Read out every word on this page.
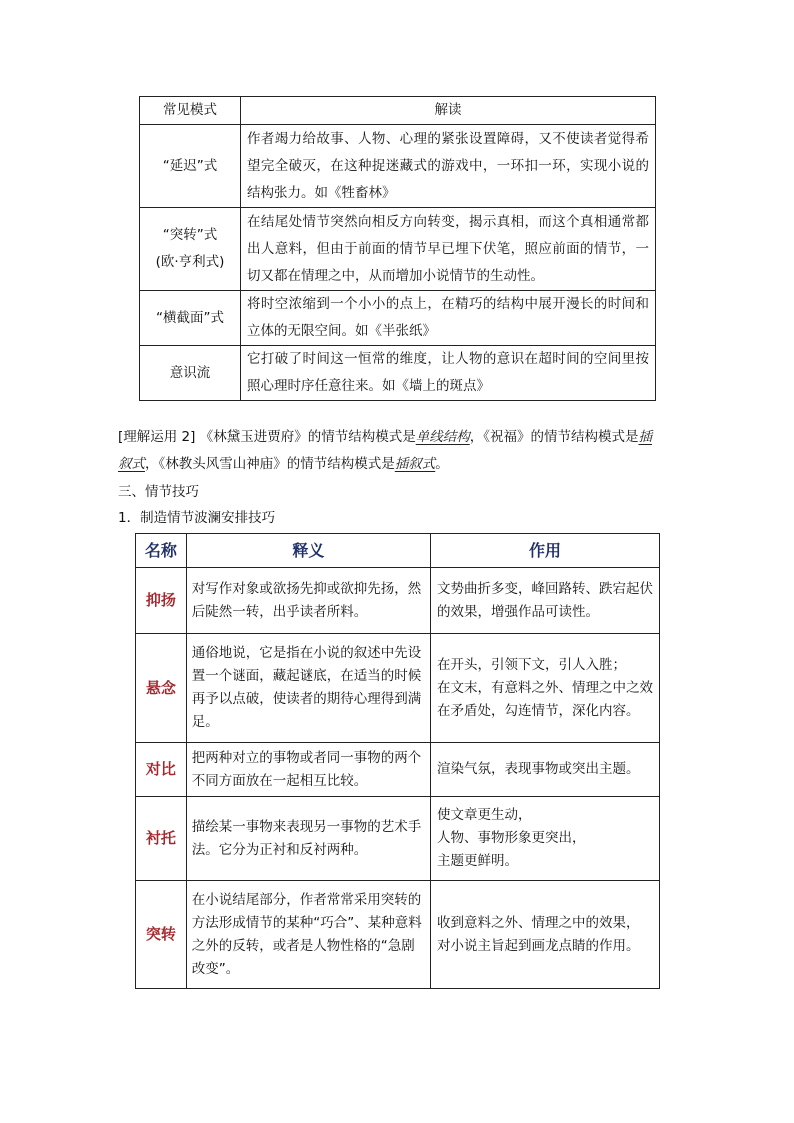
常见模式	解读
“延迟”式	作者竭力给故事、人物、心理的紧张设置障碍，又不使读者觉得希望完全破灭，在这种捉迷藏式的游戏中，一环扣一环，实现小说的结构张力。如《牲畜林》

“突转”式
(欧·亨利式)	在结尾处情节突然向相反方向转变，揭示真相，而这个真相通常都出人意料，但由于前面的情节早已埋下伏笔，照应前面的情节，一切又都在情理之中，从而增加小说情节的生动性。
“横截面”式	将时空浓缩到一个小小的点上，在精巧的结构中展开漫长的时间和立体的无限空间。如《半张纸》
意识流	它打破了时间这一恒常的维度，让人物的意识在超时间的空间里按照心理时序任意往来。如《墙上的斑点》
[理解运用 2] 《林黛玉进贾府》的情节结构模式是单线结构，《祝福》的情节结构模式是插
叙式，《林教头风雪山神庙》的情节结构模式是插叙式。
三、情节技巧
1．制造情节波澜安排技巧
名称	释义	作用
抑扬	对写作对象或欲扬先抑或欲抑先扬，然后陡然一转，出乎读者所料。	文势曲折多变，峰回路转、跌宕起伏的效果，增强作品可读性。

悬念	通俗地说，它是指在小说的叙述中先设置一个谜面，藏起谜底，在适当的时候再予以点破，使读者的期待心理得到满足。	在开头，引领下文，引人入胜；
在文末，有意料之外、情理之中之效
在矛盾处，勾连情节，深化内容。

对比	把两种对立的事物或者同一事物的两个不同方面放在一起相互比较。	渲染气氛，表现事物或突出主题。

衬托	描绘某一事物来表现另一事物的艺术手法。它分为正衬和反衬两种。	使文章更生动，
人物、事物形象更突出，
主题更鲜明。

突转	在小说结尾部分，作者常常采用突转的方法形成情节的某种“巧合”、某种意料之外的反转，或者是人物性格的“急剧改变”。	收到意料之外、情理之中的效果，
对小说主旨起到画龙点睛的作用。
